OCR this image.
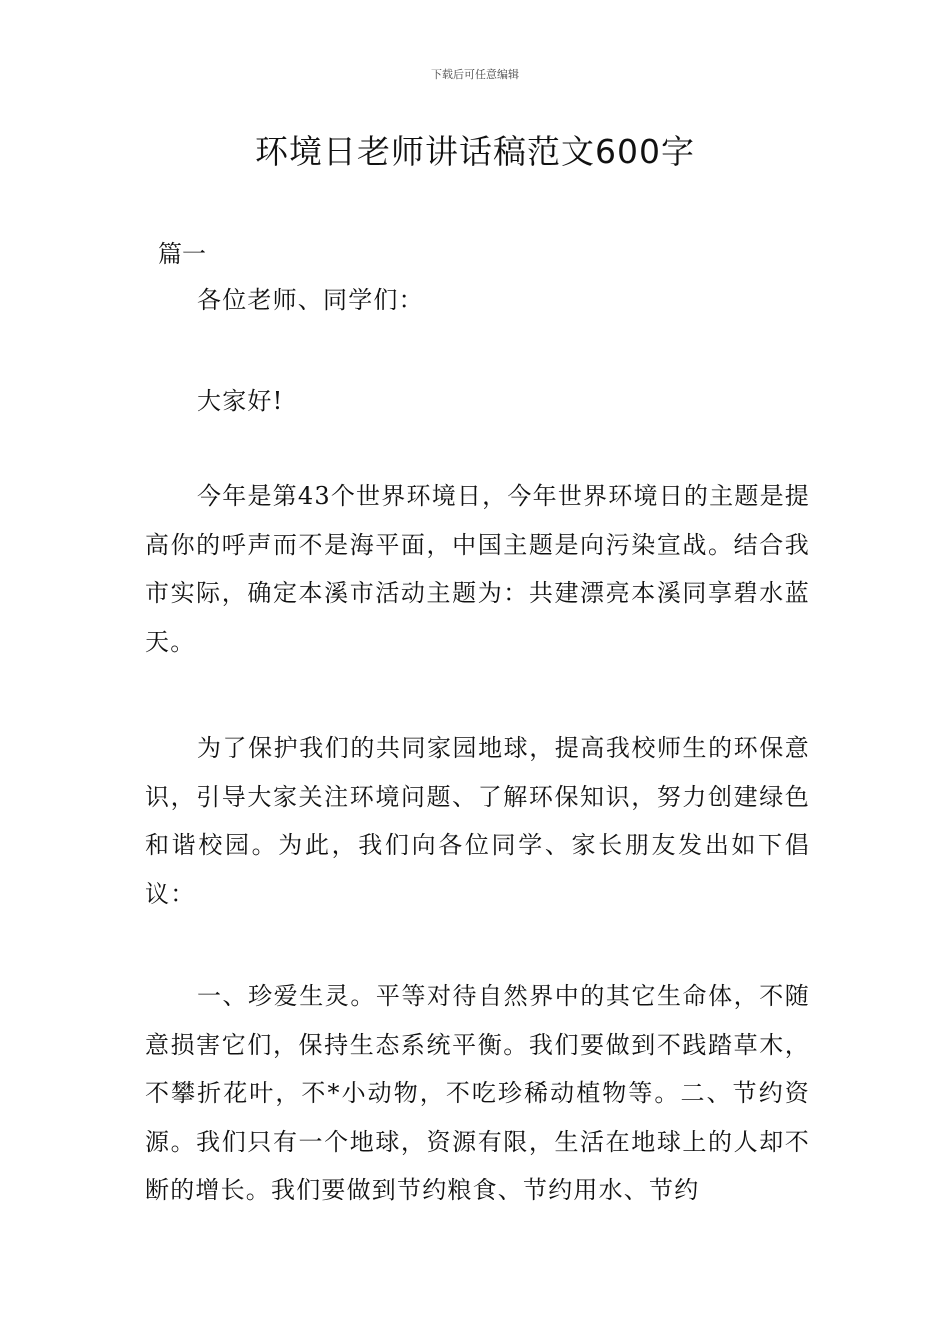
下载后可任意编辑
环境日老师讲话稿范文600字
篇一

各位老师、同学们：

大家好!

今年是第43个世界环境日，今年世界环境日的主题是提高你的呼声而不是海平面，中国主题是向污染宣战。结合我市实际，确定本溪市活动主题为：共建漂亮本溪同享碧水蓝天。

为了保护我们的共同家园地球，提高我校师生的环保意识，引导大家关注环境问题、了解环保知识，努力创建绿色和谐校园。为此，我们向各位同学、家长朋友发出如下倡议：

一、珍爱生灵。平等对待自然界中的其它生命体，不随意损害它们，保持生态系统平衡。我们要做到不践踏草木，不攀折花叶，不*小动物，不吃珍稀动植物等。二、节约资源。我们只有一个地球，资源有限，生活在地球上的人却不断的增长。我们要做到节约粮食、节约用水、节约
